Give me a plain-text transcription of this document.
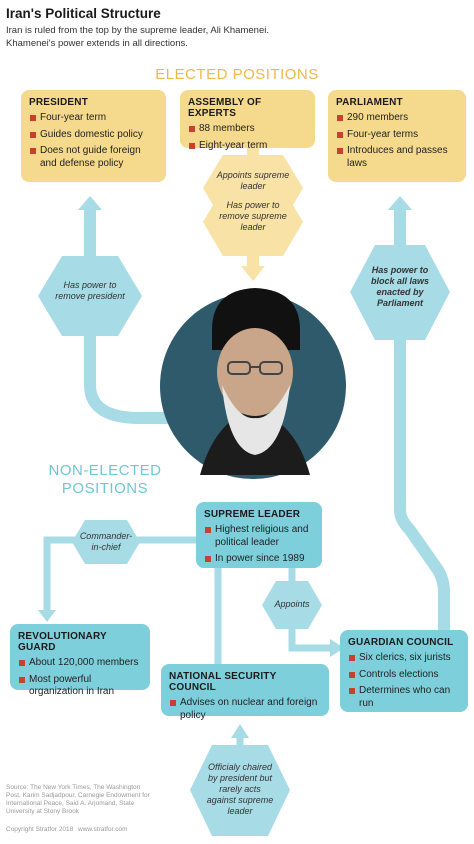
Iran's Political Structure
Iran is ruled from the top by the supreme leader, Ali Khamenei. Khamenei's power extends in all directions.
ELECTED POSITIONS
PRESIDENT
Four-year term
Guides domestic policy
Does not guide foreign and defense policy
ASSEMBLY OF EXPERTS
88 members
Eight-year term
PARLIAMENT
290 members
Four-year terms
Introduces and passes laws
Appoints supreme leader
Has power to remove supreme leader
Has power to remove president
Has power to block all laws enacted by Parliament
NON-ELECTED
POSITIONS
SUPREME LEADER
Highest religious and political leader
In power since 1989
Commander-in-chief
Appoints
REVOLUTIONARY GUARD
About 120,000 members
Most powerful organization in Iran
NATIONAL SECURITY COUNCIL
Advises on nuclear and foreign policy
GUARDIAN COUNCIL
Six clerics, six jurists
Controls elections
Determines who can run
Officialy chaired by president but rarely acts against supreme leader
Source: The New York Times, The Washington Post, Karim Sadjadpour, Carnegie Endowment for International Peace, Said A. Arjomand, State University at Stony Brook
Copyright Stratfor 2018 www.stratfor.com
